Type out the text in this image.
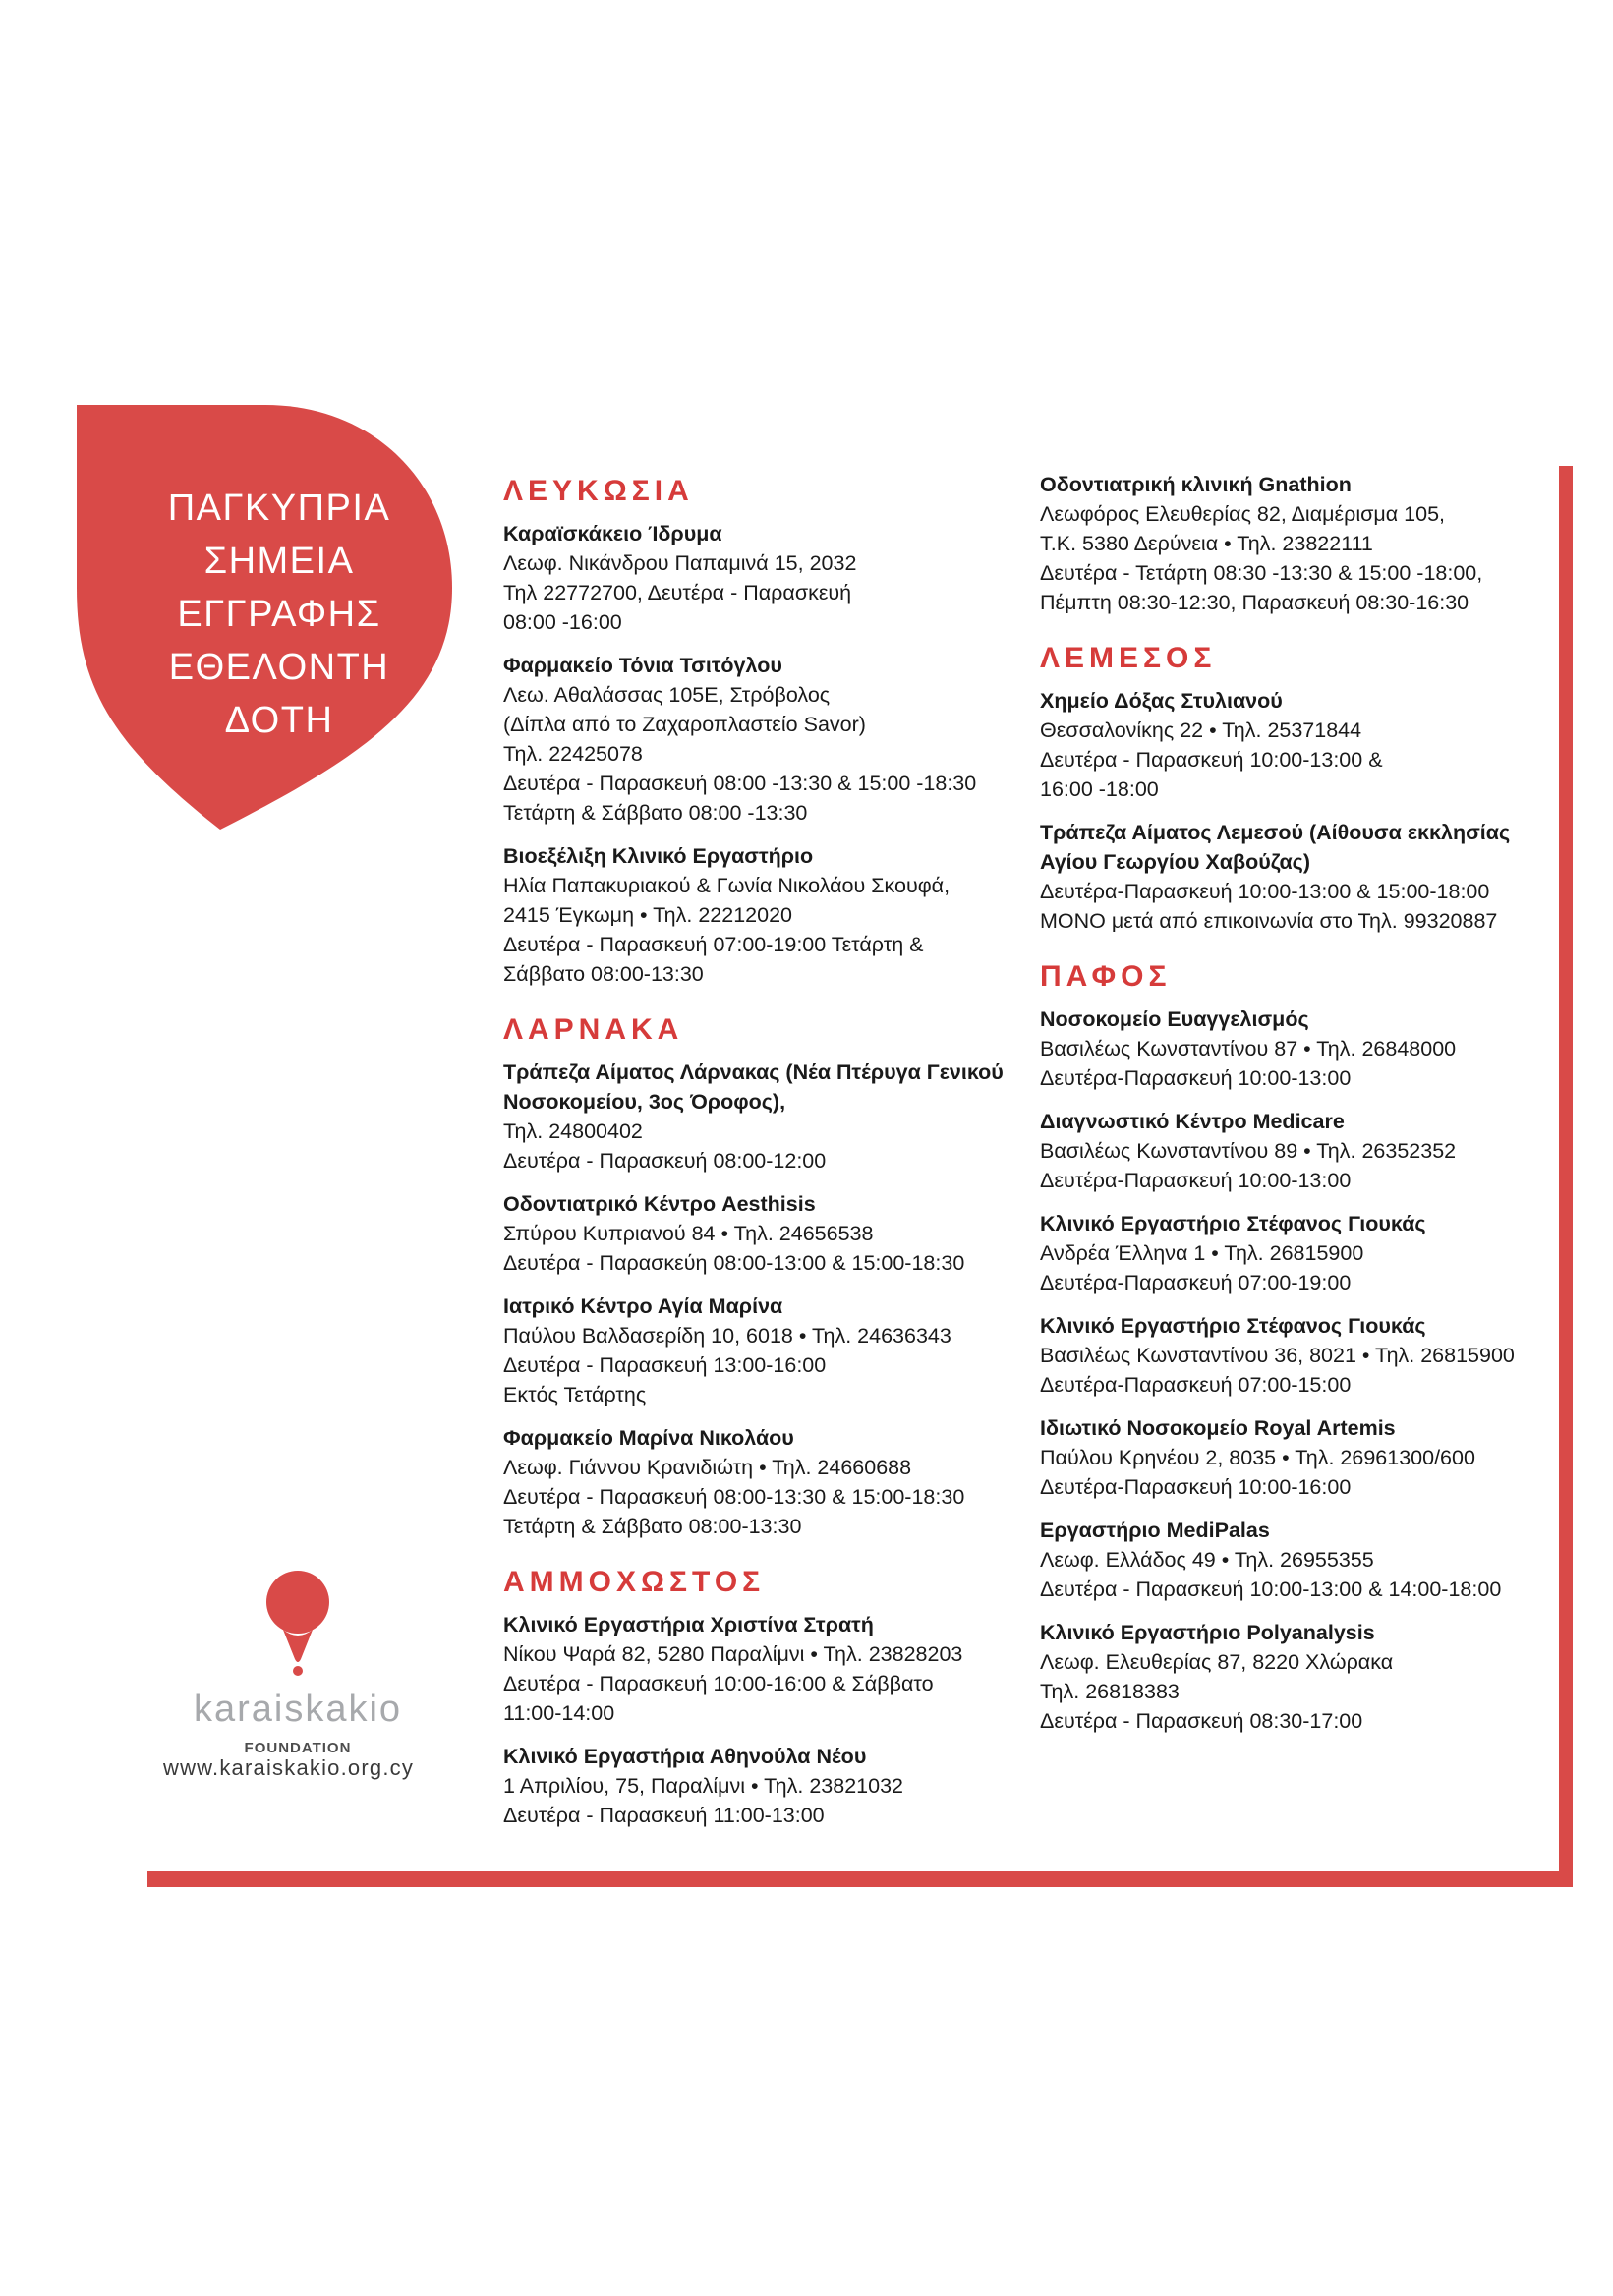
ΠΑΓΚΥΠΡΙΑ
ΣΗΜΕΙΑ ΕΓΓΡΑΦΗΣ
ΕΘΕΛΟΝΤΗ ΔΟΤΗ
karaiskakio
FOUNDATION
www.karaiskakio.org.cy
ΛΕΥΚΩΣΙΑ
Καραϊσκάκειο Ίδρυμα
Λεωφ. Νικάνδρου Παπαμινά 15, 2032
Τηλ 22772700, Δευτέρα - Παρασκευή
08:00 -16:00
Φαρμακείο Τόνια Τσιτόγλου
Λεω. Αθαλάσσας 105Ε, Στρόβολος
(Δίπλα από το Ζαχαροπλαστείο Savor)
Τηλ. 22425078
Δευτέρα - Παρασκευή 08:00 -13:30 & 15:00 -18:30
Τετάρτη & Σάββατο 08:00 -13:30
Βιοεξέλιξη Κλινικό Εργαστήριο
Ηλία Παπακυριακού & Γωνία Νικολάου Σκουφά,
2415 Έγκωμη • Τηλ. 22212020
Δευτέρα - Παρασκευή 07:00-19:00 Τετάρτη &
Σάββατο 08:00-13:30
ΛΑΡΝΑΚΑ
Τράπεζα Αίματος Λάρνακας (Νέα Πτέρυγα Γενικού Νοσοκομείου, 3ος Όροφος),
Τηλ. 24800402
Δευτέρα - Παρασκευή 08:00-12:00
Οδοντιατρικό Κέντρο Aesthisis
Σπύρου Κυπριανού 84 • Τηλ. 24656538
Δευτέρα - Παρασκεύη 08:00-13:00 & 15:00-18:30
Ιατρικό Κέντρο Αγία Μαρίνα
Παύλου Βαλδασερίδη 10, 6018 • Τηλ. 24636343
Δευτέρα - Παρασκευή 13:00-16:00
Εκτός Τετάρτης
Φαρμακείο Μαρίνα Νικολάου
Λεωφ. Γιάννου Κρανιδιώτη • Τηλ. 24660688
Δευτέρα - Παρασκευή 08:00-13:30 & 15:00-18:30
Τετάρτη & Σάββατο 08:00-13:30
ΑΜΜΟΧΩΣΤΟΣ
Κλινικό Εργαστήρια Χριστίνα Στρατή
Νίκου Ψαρά 82, 5280 Παραλίμνι • Τηλ. 23828203
Δευτέρα - Παρασκευή 10:00-16:00 & Σάββατο
11:00-14:00
Κλινικό Εργαστήρια Αθηνούλα Νέου
1 Απριλίου, 75, Παραλίμνι • Τηλ. 23821032
Δευτέρα - Παρασκευή 11:00-13:00
Οδοντιατρική κλινική Gnathion
Λεωφόρος Ελευθερίας 82, Διαμέρισμα 105,
Τ.Κ. 5380 Δερύνεια • Τηλ. 23822111
Δευτέρα - Τετάρτη 08:30 -13:30 & 15:00 -18:00,
Πέμπτη 08:30-12:30, Παρασκευή 08:30-16:30
ΛΕΜΕΣΟΣ
Χημείο Δόξας Στυλιανού
Θεσσαλονίκης 22 • Τηλ. 25371844
Δευτέρα - Παρασκευή 10:00-13:00 &
16:00 -18:00
Τράπεζα Αίματος Λεμεσού (Αίθουσα εκκλησίας Αγίου Γεωργίου Χαβούζας)
Δευτέρα-Παρασκευή 10:00-13:00 & 15:00-18:00
ΜΟΝΟ μετά από επικοινωνία στο Τηλ. 99320887
ΠΑΦΟΣ
Νοσοκομείο Ευαγγελισμός
Βασιλέως Κωνσταντίνου 87 • Τηλ. 26848000
Δευτέρα-Παρασκευή 10:00-13:00
Διαγνωστικό Κέντρο Medicare
Βασιλέως Κωνσταντίνου 89 • Τηλ. 26352352
Δευτέρα-Παρασκευή 10:00-13:00
Κλινικό Εργαστήριο Στέφανος Γιουκάς
Ανδρέα Έλληνα 1 • Τηλ. 26815900
Δευτέρα-Παρασκευή 07:00-19:00
Κλινικό Εργαστήριο Στέφανος Γιουκάς
Βασιλέως Κωνσταντίνου 36, 8021 • Τηλ. 26815900
Δευτέρα-Παρασκευή 07:00-15:00
Ιδιωτικό Νοσοκομείο Royal Artemis
Παύλου Κρηνέου 2, 8035 • Τηλ. 26961300/600
Δευτέρα-Παρασκευή 10:00-16:00
Εργαστήριο MediPalas
Λεωφ. Ελλάδος 49 • Τηλ. 26955355
Δευτέρα - Παρασκευή 10:00-13:00 & 14:00-18:00
Κλινικό Εργαστήριο Polyanalysis
Λεωφ. Ελευθερίας 87, 8220 Χλώρακα
Τηλ. 26818383
Δευτέρα - Παρασκευή 08:30-17:00
